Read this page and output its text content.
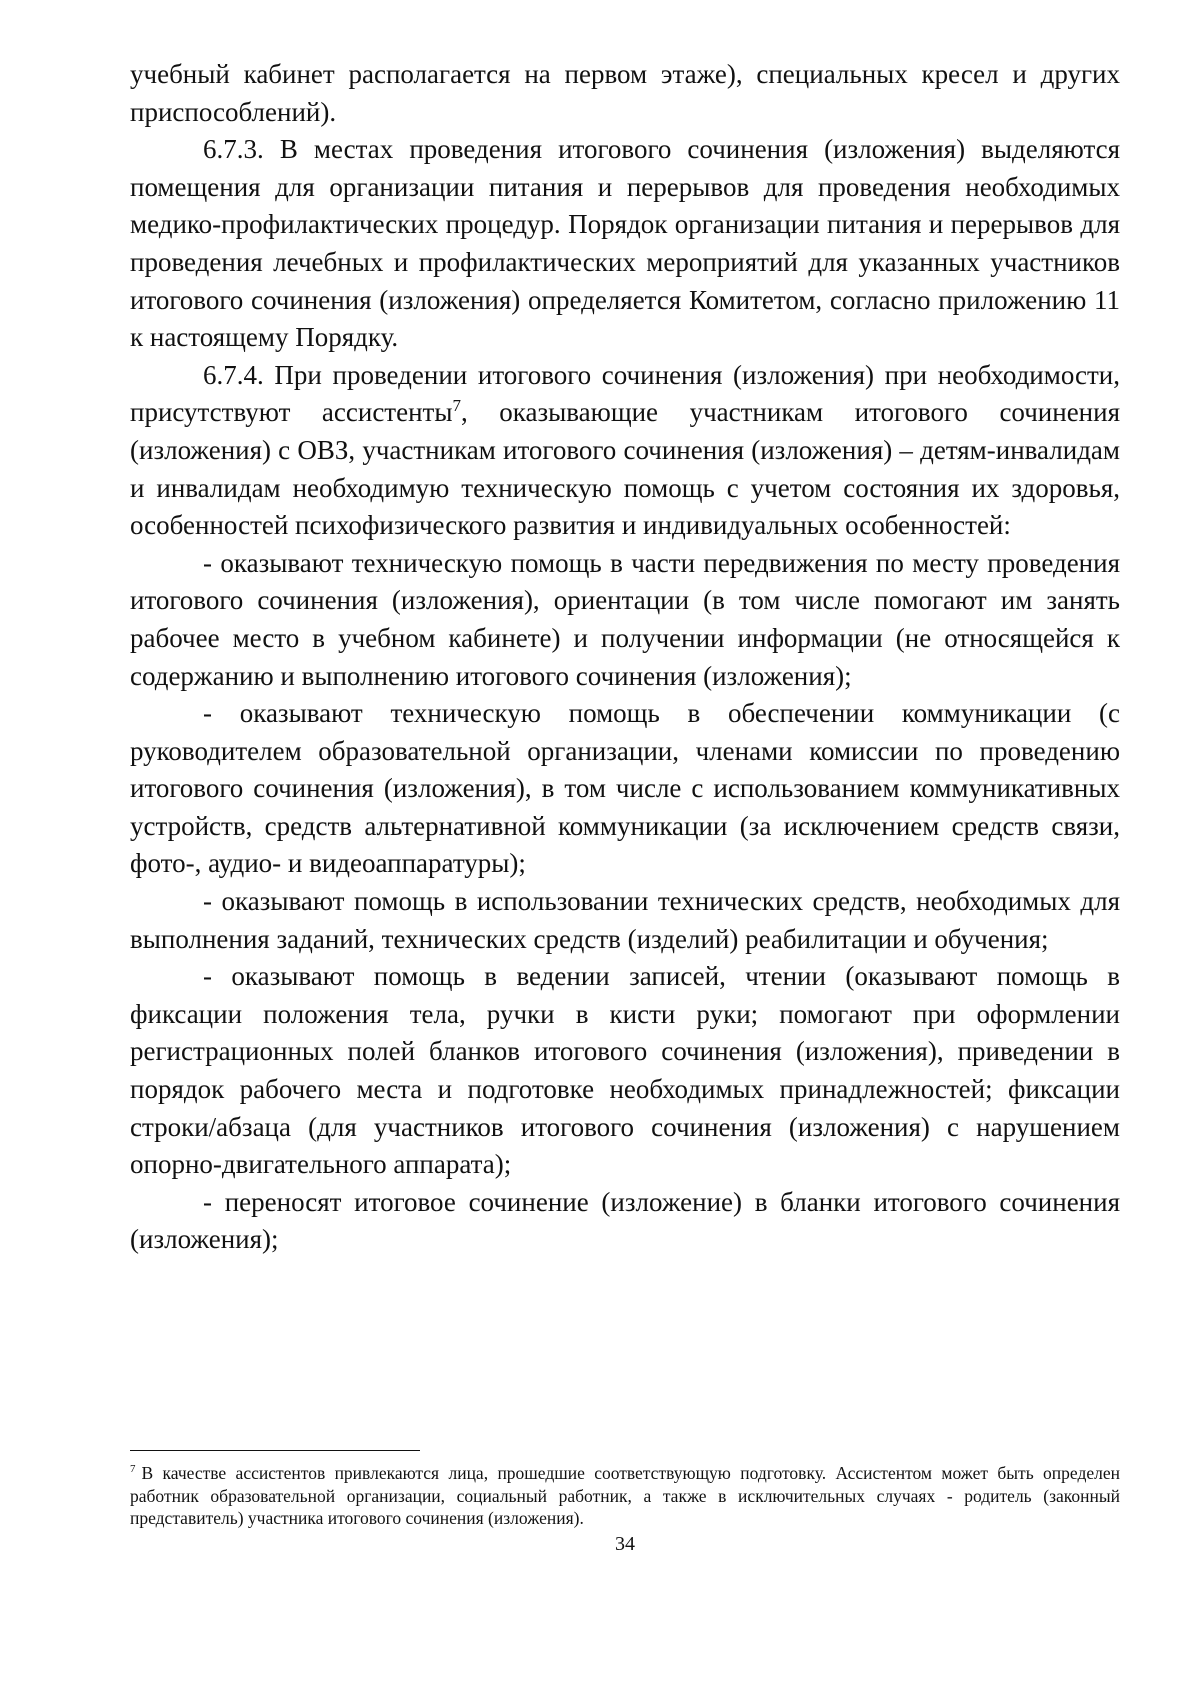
учебный кабинет располагается на первом этаже), специальных кресел и других приспособлений).

6.7.3. В местах проведения итогового сочинения (изложения) выделяются помещения для организации питания и перерывов для проведения необходимых медико-профилактических процедур. Порядок организации питания и перерывов для проведения лечебных и профилактических мероприятий для указанных участников итогового сочинения (изложения) определяется Комитетом, согласно приложению 11 к настоящему Порядку.

6.7.4. При проведении итогового сочинения (изложения) при необходимости, присутствуют ассистенты$^7$, оказывающие участникам итогового сочинения (изложения) с ОВЗ, участникам итогового сочинения (изложения) – детям-инвалидам и инвалидам необходимую техническую помощь с учетом состояния их здоровья, особенностей психофизического развития и индивидуальных особенностей:

- оказывают техническую помощь в части передвижения по месту проведения итогового сочинения (изложения), ориентации (в том числе помогают им занять рабочее место в учебном кабинете) и получении информации (не относящейся к содержанию и выполнению итогового сочинения (изложения);

- оказывают техническую помощь в обеспечении коммуникации (с руководителем образовательной организации, членами комиссии по проведению итогового сочинения (изложения), в том числе с использованием коммуникативных устройств, средств альтернативной коммуникации (за исключением средств связи, фото-, аудио- и видеоаппаратуры);

- оказывают помощь в использовании технических средств, необходимых для выполнения заданий, технических средств (изделий) реабилитации и обучения;

- оказывают помощь в ведении записей, чтении (оказывают помощь в фиксации положения тела, ручки в кисти руки; помогают при оформлении регистрационных полей бланков итогового сочинения (изложения), приведении в порядок рабочего места и подготовке необходимых принадлежностей; фиксации строки/абзаца (для участников итогового сочинения (изложения) с нарушением опорно-двигательного аппарата);

- переносят итоговое сочинение (изложение) в бланки итогового сочинения (изложения);

$^7$ В качестве ассистентов привлекаются лица, прошедшие соответствующую подготовку. Ассистентом может быть определен работник образовательной организации, социальный работник, а также в исключительных случаях - родитель (законный представитель) участника итогового сочинения (изложения).
34
